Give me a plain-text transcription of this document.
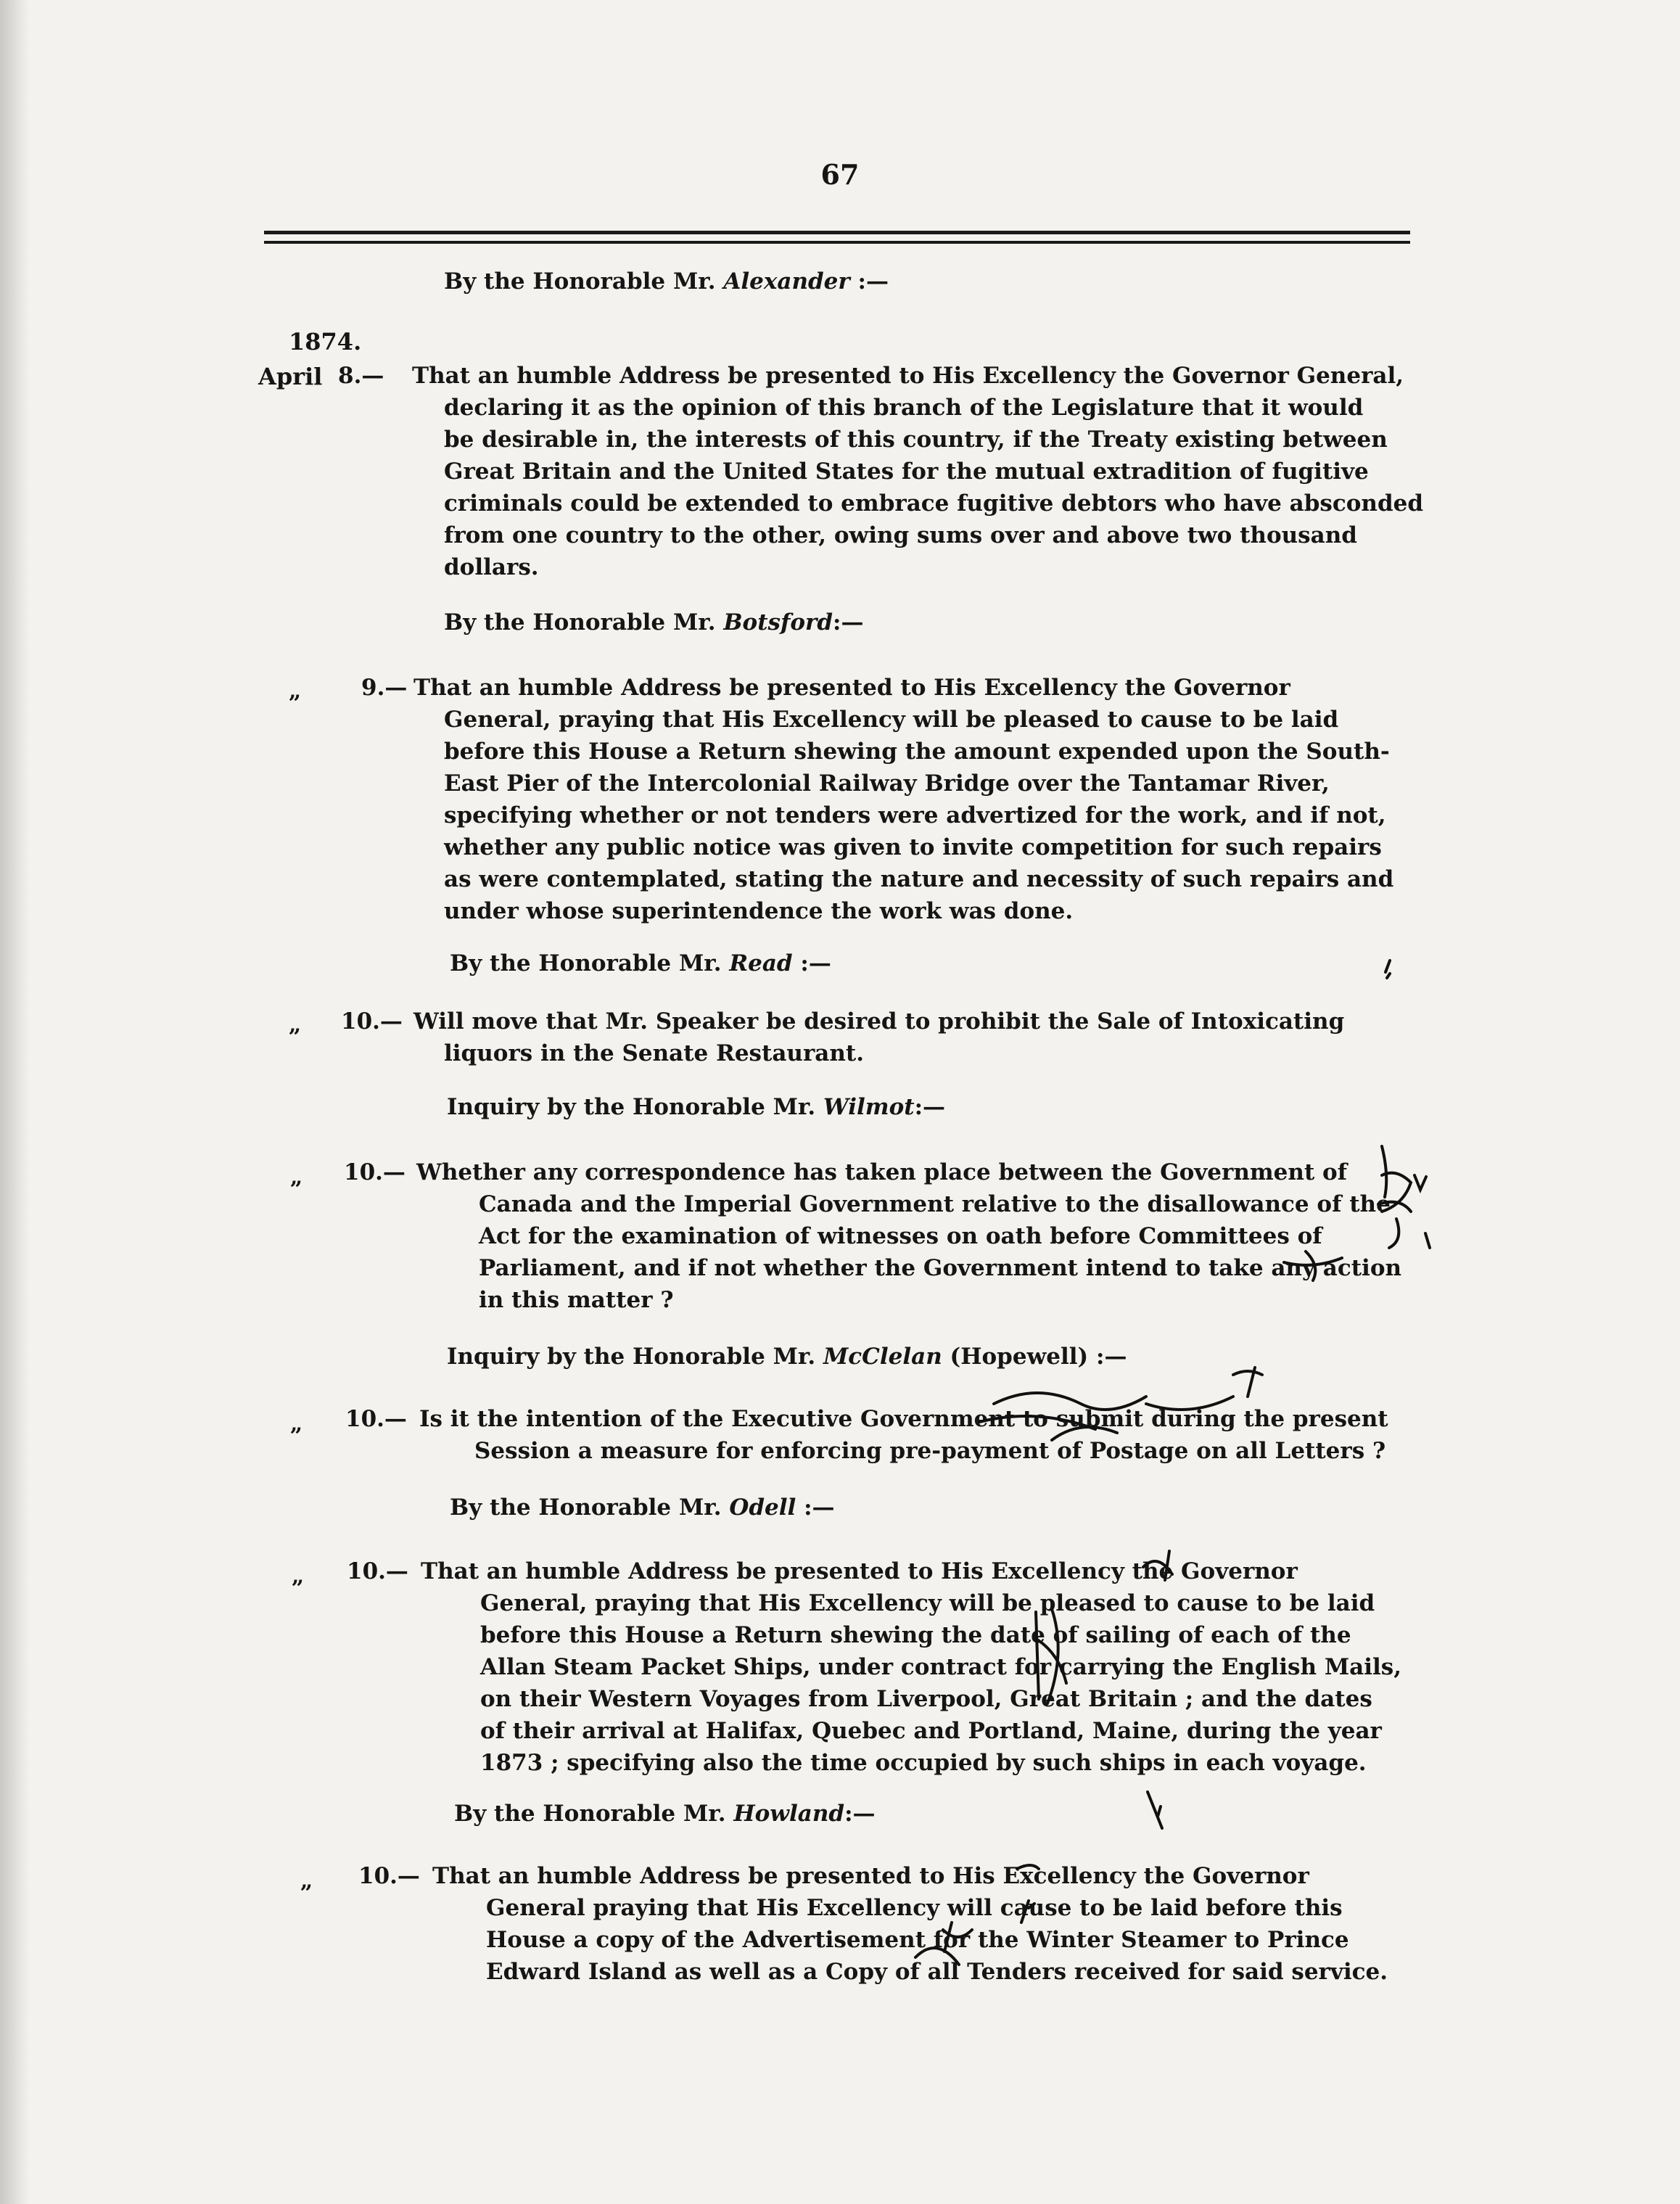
67
By the Honorable Mr. Alexander :—
1874.
April 8.— That an humble Address be presented to His Excellency the Governor General,
declaring it as the opinion of this branch of the Legislature that it would
be desirable in, the interests of this country, if the Treaty existing between
Great Britain and the United States for the mutual extradition of fugitive
criminals could be extended to embrace fugitive debtors who have absconded
from one country to the other, owing sums over and above two thousand
dollars.
By the Honorable Mr. Botsford:—
„	9.— That an humble Address be presented to His Excellency the Governor
General, praying that His Excellency will be pleased to cause to be laid
before this House a Return shewing the amount expended upon the South-
East Pier of the Intercolonial Railway Bridge over the Tantamar River,
specifying whether or not tenders were advertized for the work, and if not,
whether any public notice was given to invite competition for such repairs
as were contemplated, stating the nature and necessity of such repairs and
under whose superintendence the work was done.
By the Honorable Mr. Read :—
„ 10.— Will move that Mr. Speaker be desired to prohibit the Sale of Intoxicating
liquors in the Senate Restaurant.
Inquiry by the Honorable Mr. Wilmot:—
„ 10.— Whether any correspondence has taken place between the Government of
Canada and the Imperial Government relative to the disallowance of the
Act for the examination of witnesses on oath before Committees of
Parliament, and if not whether the Government intend to take any action
in this matter ?
Inquiry by the Honorable Mr. McClelan (Hopewell) :—
„ 10.— Is it the intention of the Executive Government to submit during the present
Session a measure for enforcing pre-payment of Postage on all Letters ?
By the Honorable Mr. Odell :—
„ 10.— That an humble Address be presented to His Excellency the Governor
General, praying that His Excellency will be pleased to cause to be laid
before this House a Return shewing the date of sailing of each of the
Allan Steam Packet Ships, under contract for carrying the English Mails,
on their Western Voyages from Liverpool, Great Britain ; and the dates
of their arrival at Halifax, Quebec and Portland, Maine, during the year
1873 ; specifying also the time occupied by such ships in each voyage.
By the Honorable Mr. Howland:—
„ 10.— That an humble Address be presented to His Excellency the Governor
General praying that His Excellency will cause to be laid before this
House a copy of the Advertisement for the Winter Steamer to Prince
Edward Island as well as a Copy of all Tenders received for said service.
